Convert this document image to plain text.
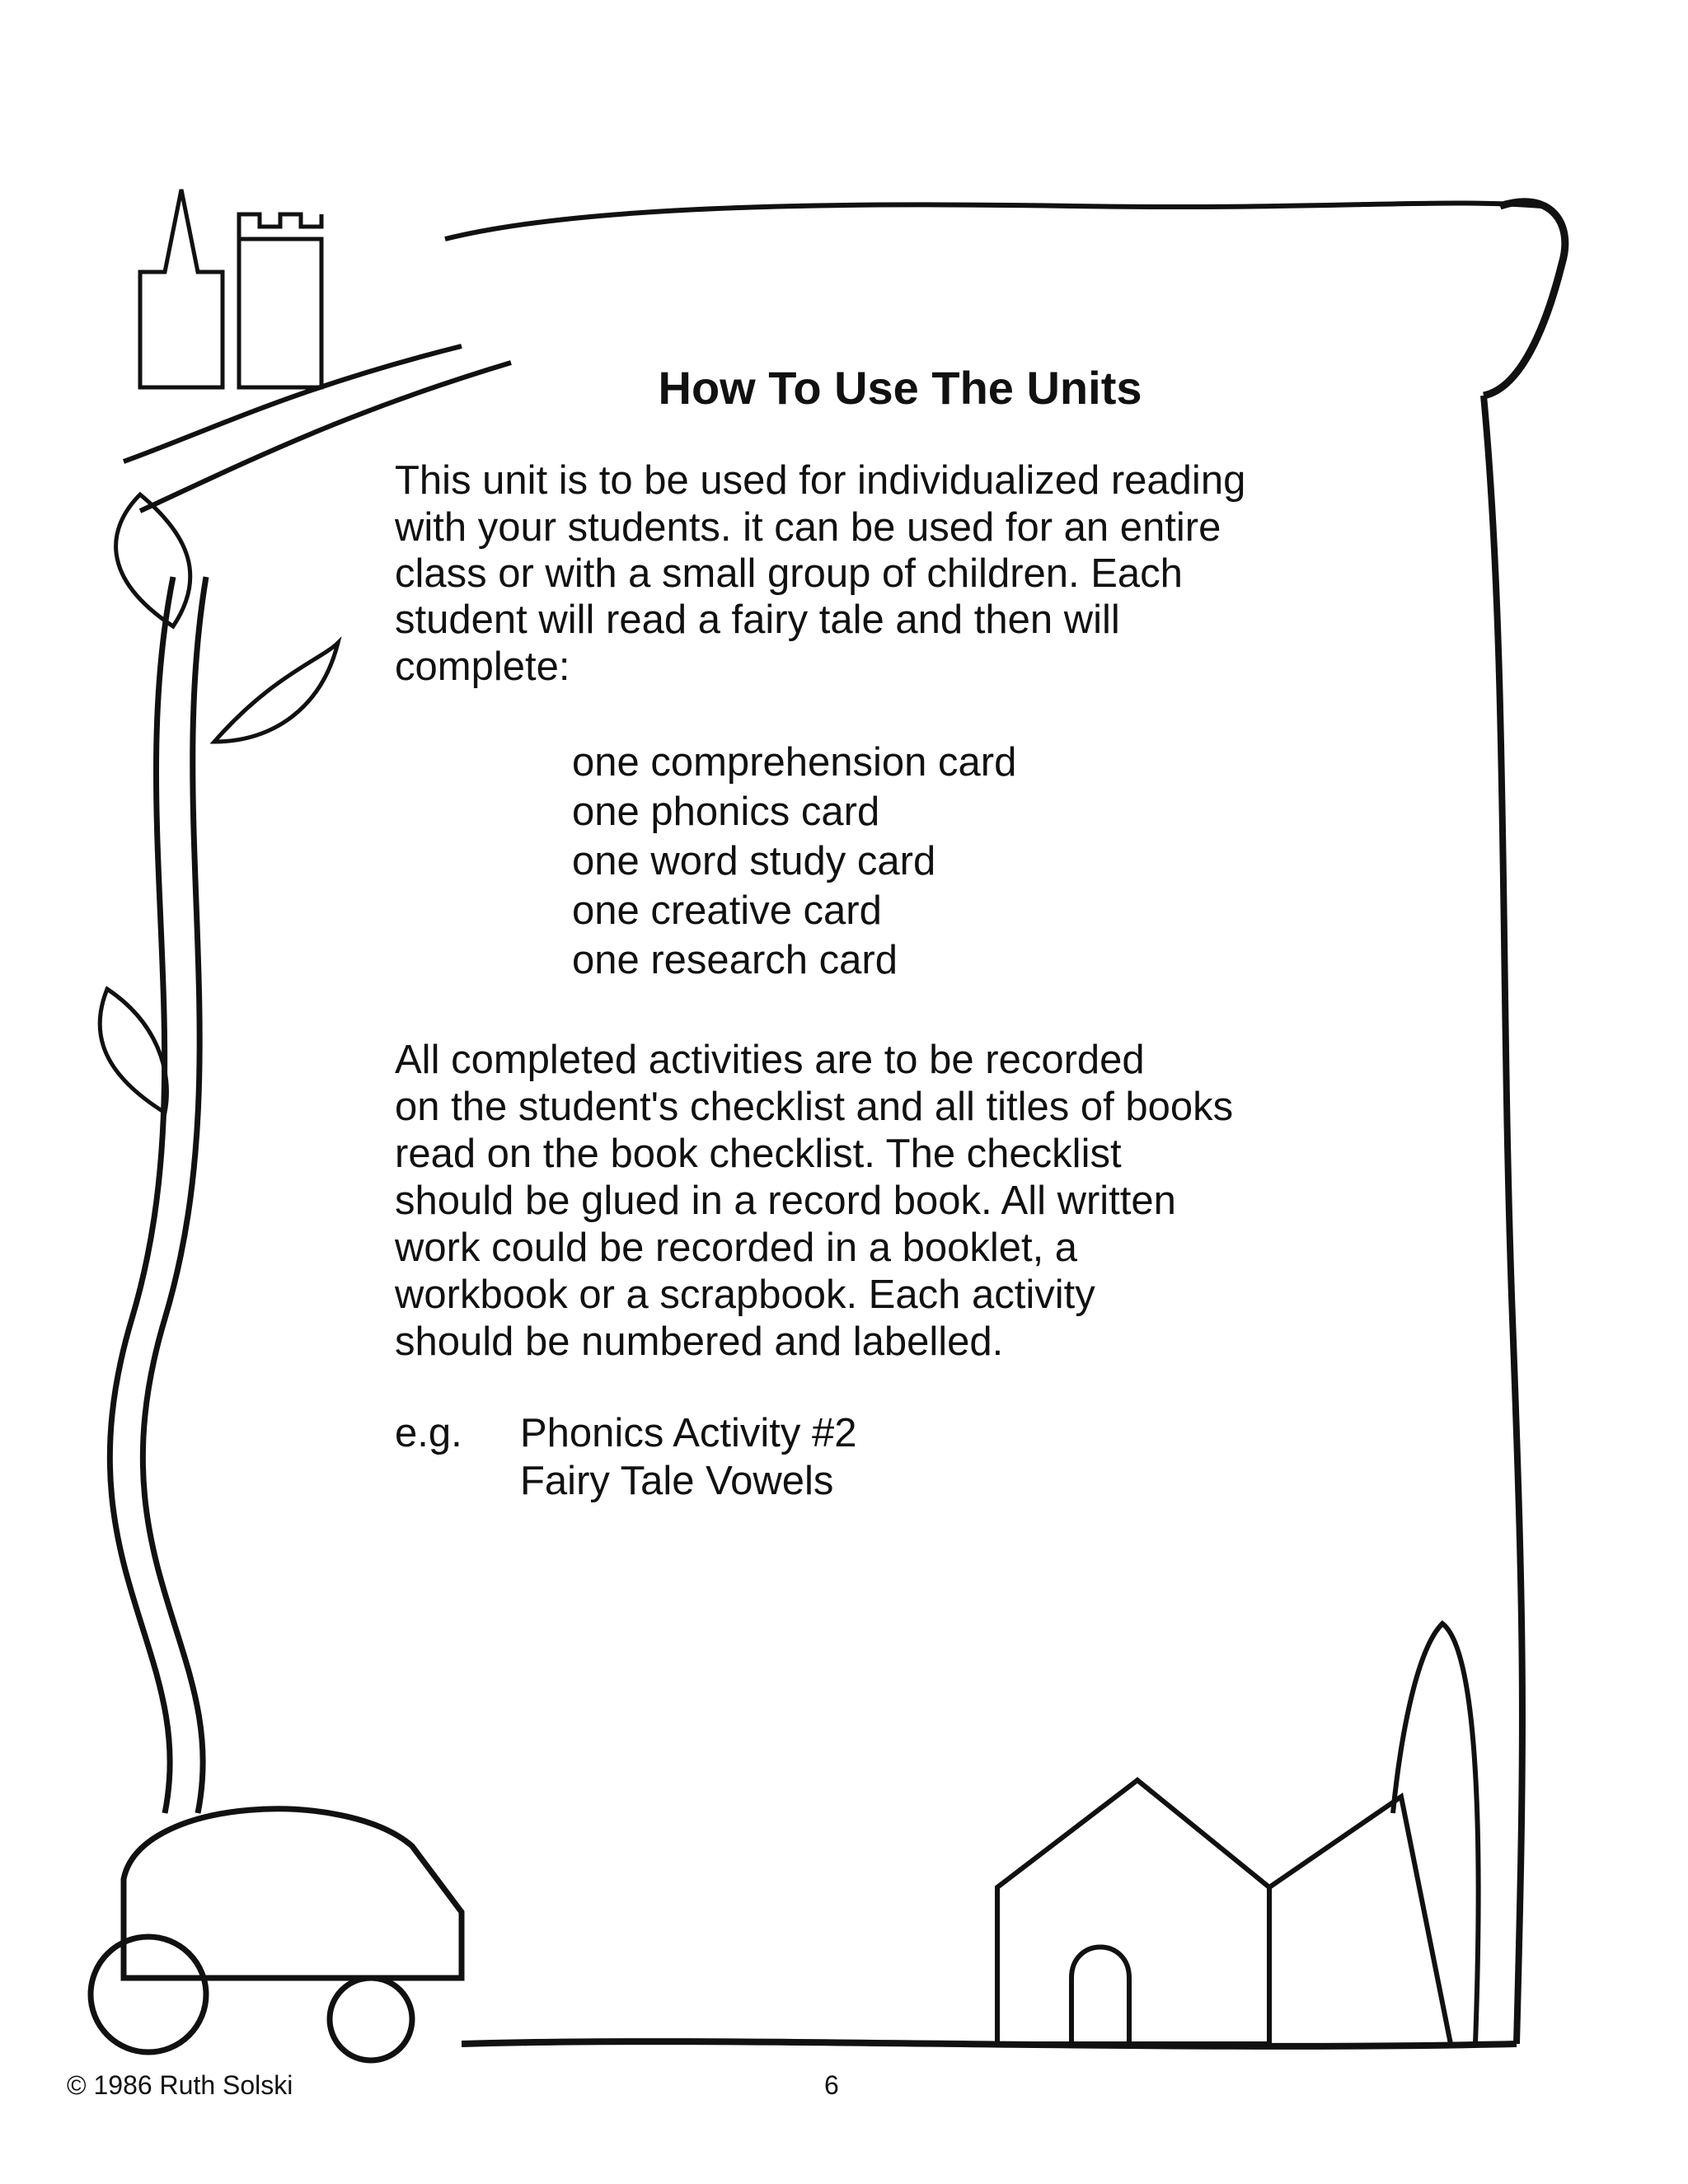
How To Use The Units
This unit is to be used for individualized reading
with your students. it can be used for an entire
class or with a small group of children. Each
student will read a fairy tale and then will
complete:
one comprehension card
one phonics card
one word study card
one creative card
one research card
All completed activities are to be recorded
on the student's checklist and all titles of books
read on the book checklist. The checklist
should be glued in a record book. All written
work could be recorded in a booklet, a
workbook or a scrapbook. Each activity
should be numbered and labelled.
e.g. Phonics Activity #2
Fairy Tale Vowels
© 1986 Ruth Solski	6
